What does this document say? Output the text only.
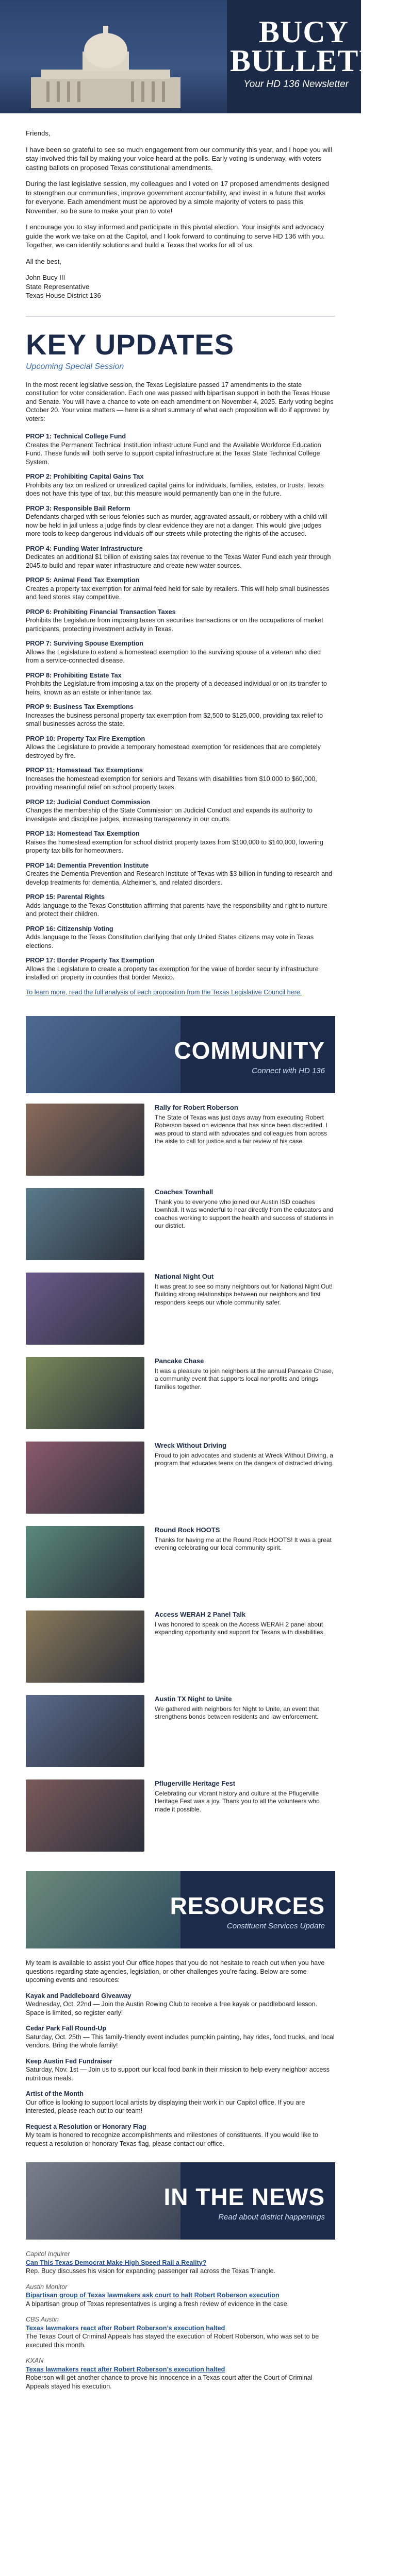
BUCY BULLETIN
Your HD 136 Newsletter

Friends,

I have been so grateful to see so much engagement from our community this year, and I hope you will stay involved this fall by making your voice heard at the polls. Early voting is underway, with voters casting ballots on proposed Texas constitutional amendments.

During the last legislative session, my colleagues and I voted on 17 proposed amendments designed to strengthen our communities, improve government accountability, and invest in a future that works for everyone. Each amendment must be approved by a simple majority of voters to pass this November, so be sure to make your plan to vote!

I encourage you to stay informed and participate in this pivotal election. Your insights and advocacy guide the work we take on at the Capitol, and I look forward to continuing to serve HD 136 with you. Together, we can identify solutions and build a Texas that works for all of us.

All the best,

John Bucy III

State Representative

Texas House District 136

KEY UPDATES
Upcoming Special Session
In the most recent legislative session, the Texas Legislature passed 17 amendments to the state constitution for voter consideration. Each one was passed with bipartisan support in both the Texas House and Senate. You will have a chance to vote on each amendment on November 4, 2025. Early voting begins October 20. Your voice matters — here is a short summary of what each proposition will do if approved by voters:
PROP 1: Technical College Fund
Creates the Permanent Technical Institution Infrastructure Fund and the Available Workforce Education Fund. These funds will both serve to support capital infrastructure at the Texas State Technical College System.
PROP 2: Prohibiting Capital Gains Tax
Prohibits any tax on realized or unrealized capital gains for individuals, families, estates, or trusts. Texas does not have this type of tax, but this measure would permanently ban one in the future.
PROP 3: Responsible Bail Reform
Defendants charged with serious felonies such as murder, aggravated assault, or robbery with a child will now be held in jail unless a judge finds by clear evidence they are not a danger. This would give judges more tools to keep dangerous individuals off our streets while protecting the rights of the accused.
PROP 4: Funding Water Infrastructure
Dedicates an additional $1 billion of existing sales tax revenue to the Texas Water Fund each year through 2045 to build and repair water infrastructure and create new water sources.
PROP 5: Animal Feed Tax Exemption
Creates a property tax exemption for animal feed held for sale by retailers. This will help small businesses and feed stores stay competitive.
PROP 6: Prohibiting Financial Transaction Taxes
Prohibits the Legislature from imposing taxes on securities transactions or on the occupations of market participants, protecting investment activity in Texas.
PROP 7: Surviving Spouse Exemption
Allows the Legislature to extend a homestead exemption to the surviving spouse of a veteran who died from a service-connected disease.
PROP 8: Prohibiting Estate Tax
Prohibits the Legislature from imposing a tax on the property of a deceased individual or on its transfer to heirs, known as an estate or inheritance tax.
PROP 9: Business Tax Exemptions
Increases the business personal property tax exemption from $2,500 to $125,000, providing tax relief to small businesses across the state.
PROP 10: Property Tax Fire Exemption
Allows the Legislature to provide a temporary homestead exemption for residences that are completely destroyed by fire.
PROP 11: Homestead Tax Exemptions
Increases the homestead exemption for seniors and Texans with disabilities from $10,000 to $60,000, providing meaningful relief on school property taxes.
PROP 12: Judicial Conduct Commission
Changes the membership of the State Commission on Judicial Conduct and expands its authority to investigate and discipline judges, increasing transparency in our courts.
PROP 13: Homestead Tax Exemption
Raises the homestead exemption for school district property taxes from $100,000 to $140,000, lowering property tax bills for homeowners.
PROP 14: Dementia Prevention Institute
Creates the Dementia Prevention and Research Institute of Texas with $3 billion in funding to research and develop treatments for dementia, Alzheimer’s, and related disorders.
PROP 15: Parental Rights
Adds language to the Texas Constitution affirming that parents have the responsibility and right to nurture and protect their children.
PROP 16: Citizenship Voting
Adds language to the Texas Constitution clarifying that only United States citizens may vote in Texas elections.
PROP 17: Border Property Tax Exemption
Allows the Legislature to create a property tax exemption for the value of border security infrastructure installed on property in counties that border Mexico.
To learn more, read the full analysis of each proposition from the Texas Legislative Council here.
COMMUNITY
Connect with HD 136
Rally for Robert Roberson
The State of Texas was just days away from executing Robert Roberson based on evidence that has since been discredited. I was proud to stand with advocates and colleagues from across the aisle to call for justice and a fair review of his case.
Coaches Townhall
Thank you to everyone who joined our Austin ISD coaches townhall. It was wonderful to hear directly from the educators and coaches working to support the health and success of students in our district.
National Night Out
It was great to see so many neighbors out for National Night Out! Building strong relationships between our neighbors and first responders keeps our whole community safer.
Pancake Chase
It was a pleasure to join neighbors at the annual Pancake Chase, a community event that supports local nonprofits and brings families together.
Wreck Without Driving
Proud to join advocates and students at Wreck Without Driving, a program that educates teens on the dangers of distracted driving.
Round Rock HOOTS
Thanks for having me at the Round Rock HOOTS! It was a great evening celebrating our local community spirit.
Access WERAH 2 Panel Talk
I was honored to speak on the Access WERAH 2 panel about expanding opportunity and support for Texans with disabilities.
Austin TX Night to Unite
We gathered with neighbors for Night to Unite, an event that strengthens bonds between residents and law enforcement.
Pflugerville Heritage Fest
Celebrating our vibrant history and culture at the Pflugerville Heritage Fest was a joy. Thank you to all the volunteers who made it possible.
RESOURCES
Constituent Services Update
My team is available to assist you! Our office hopes that you do not hesitate to reach out when you have questions regarding state agencies, legislation, or other challenges you’re facing. Below are some upcoming events and resources:
Kayak and Paddleboard Giveaway
Wednesday, Oct. 22nd — Join the Austin Rowing Club to receive a free kayak or paddleboard lesson. Space is limited, so register early!
Cedar Park Fall Round-Up
Saturday, Oct. 25th — This family-friendly event includes pumpkin painting, hay rides, food trucks, and local vendors. Bring the whole family!
Keep Austin Fed Fundraiser
Saturday, Nov. 1st — Join us to support our local food bank in their mission to help every neighbor access nutritious meals.
Artist of the Month
Our office is looking to support local artists by displaying their work in our Capitol office. If you are interested, please reach out to our team!
Request a Resolution or Honorary Flag
My team is honored to recognize accomplishments and milestones of constituents. If you would like to request a resolution or honorary Texas flag, please contact our office.
IN THE NEWS
Read about district happenings
Capitol Inquirer
Can This Texas Democrat Make High Speed Rail a Reality?
Rep. Bucy discusses his vision for expanding passenger rail across the Texas Triangle.
Austin Monitor
Bipartisan group of Texas lawmakers ask court to halt Robert Roberson execution
A bipartisan group of Texas representatives is urging a fresh review of evidence in the case.
CBS Austin
Texas lawmakers react after Robert Roberson’s execution halted
The Texas Court of Criminal Appeals has stayed the execution of Robert Roberson, who was set to be executed this month.
KXAN
Texas lawmakers react after Robert Roberson’s execution halted
Roberson will get another chance to prove his innocence in a Texas court after the Court of Criminal Appeals stayed his execution.
